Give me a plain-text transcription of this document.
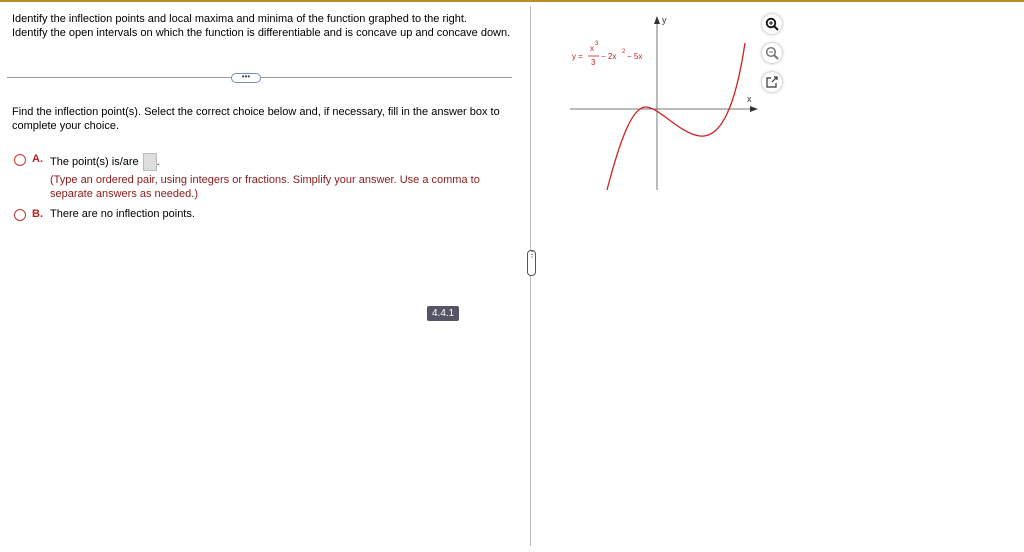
Identify the inflection points and local maxima and minima of the function graphed to the right.

Identify the open intervals on which the function is differentiable and is concave up and concave down.

•••
Find the inflection point(s). Select the correct choice below and, if necessary, fill in the answer box to complete your choice.
A. The point(s) is/are .
(Type an ordered pair, using integers or fractions. Simplify your answer. Use a comma to separate answers as needed.)
B. There are no inflection points.
4.4.1
⋮
x
y
y =
x 3
3
− 2x 2 − 5x
